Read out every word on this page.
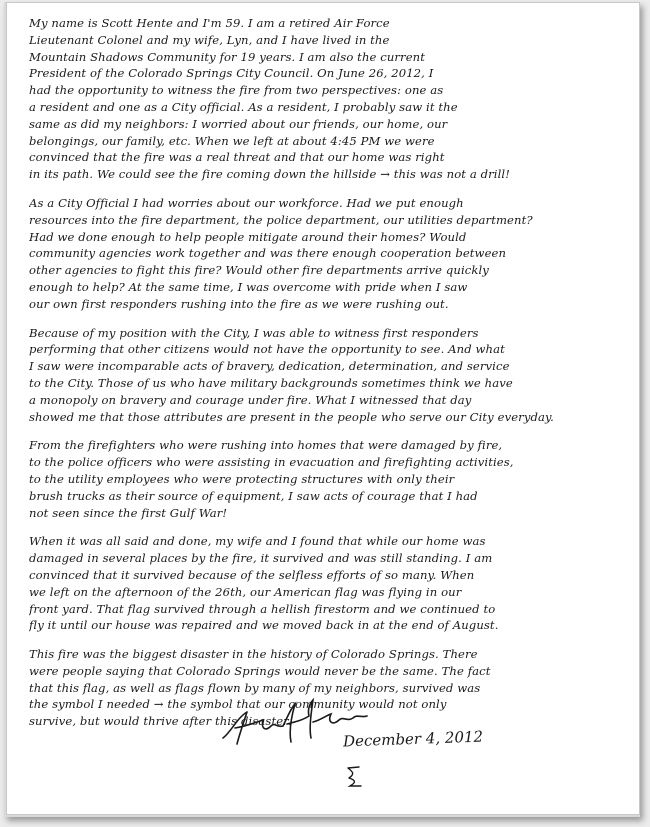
My name is Scott Hente and I'm 59. I am a retired Air Force
Lieutenant Colonel and my wife, Lyn, and I have lived in the
Mountain Shadows Community for 19 years. I am also the current
President of the Colorado Springs City Council. On June 26, 2012, I
had the opportunity to witness the fire from two perspectives: one as
a resident and one as a City official. As a resident, I probably saw it the
same as did my neighbors: I worried about our friends, our home, our
belongings, our family, etc. When we left at about 4:45 PM we were
convinced that the fire was a real threat and that our home was right
in its path. We could see the fire coming down the hillside → this was not a drill!
As a City Official I had worries about our workforce. Had we put enough
resources into the fire department, the police department, our utilities department?
Had we done enough to help people mitigate around their homes? Would
community agencies work together and was there enough cooperation between
other agencies to fight this fire? Would other fire departments arrive quickly
enough to help? At the same time, I was overcome with pride when I saw
our own first responders rushing into the fire as we were rushing out.
Because of my position with the City, I was able to witness first responders
performing that other citizens would not have the opportunity to see. And what
I saw were incomparable acts of bravery, dedication, determination, and service
to the City. Those of us who have military backgrounds sometimes think we have
a monopoly on bravery and courage under fire. What I witnessed that day
showed me that those attributes are present in the people who serve our City everyday.
From the firefighters who were rushing into homes that were damaged by fire,
to the police officers who were assisting in evacuation and firefighting activities,
to the utility employees who were protecting structures with only their
brush trucks as their source of equipment, I saw acts of courage that I had
not seen since the first Gulf War!
When it was all said and done, my wife and I found that while our home was
damaged in several places by the fire, it survived and was still standing. I am
convinced that it survived because of the selfless efforts of so many. When
we left on the afternoon of the 26th, our American flag was flying in our
front yard. That flag survived through a hellish firestorm and we continued to
fly it until our house was repaired and we moved back in at the end of August.
This fire was the biggest disaster in the history of Colorado Springs. There
were people saying that Colorado Springs would never be the same. The fact
that this flag, as well as flags flown by many of my neighbors, survived was
the symbol I needed → the symbol that our community would not only
survive, but would thrive after this disaster.
December 4, 2012
